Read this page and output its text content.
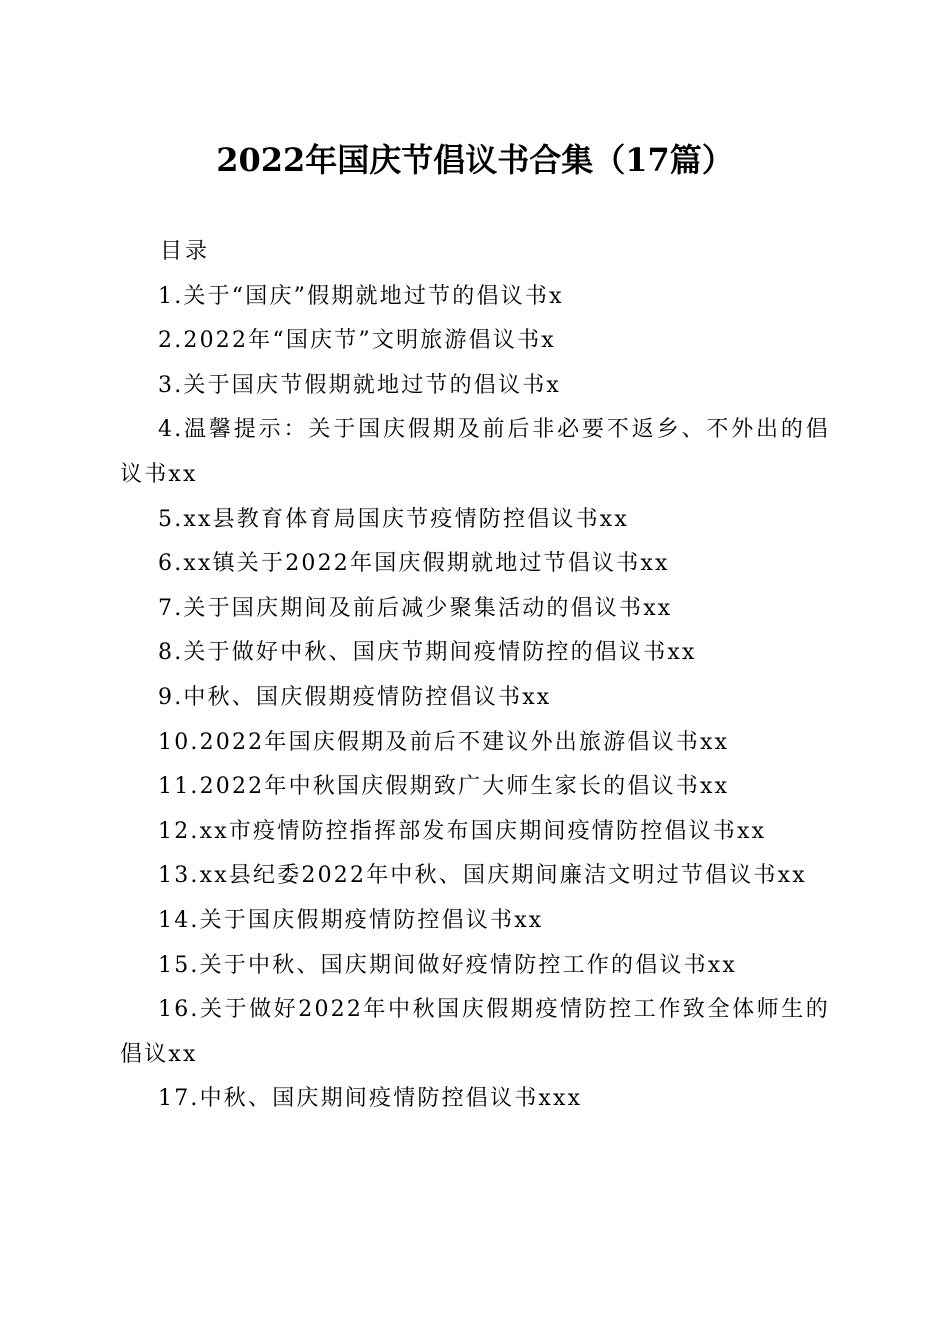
2022年国庆节倡议书合集（17篇）
目录
1.关于“国庆”假期就地过节的倡议书x
2.2022年“国庆节”文明旅游倡议书x
3.关于国庆节假期就地过节的倡议书x
4.温馨提示：关于国庆假期及前后非必要不返乡、不外出的倡议书xx
5.xx县教育体育局国庆节疫情防控倡议书xx
6.xx镇关于2022年国庆假期就地过节倡议书xx
7.关于国庆期间及前后减少聚集活动的倡议书xx
8.关于做好中秋、国庆节期间疫情防控的倡议书xx
9.中秋、国庆假期疫情防控倡议书xx
10.2022年国庆假期及前后不建议外出旅游倡议书xx
11.2022年中秋国庆假期致广大师生家长的倡议书xx
12.xx市疫情防控指挥部发布国庆期间疫情防控倡议书xx
13.xx县纪委2022年中秋、国庆期间廉洁文明过节倡议书xx
14.关于国庆假期疫情防控倡议书xx
15.关于中秋、国庆期间做好疫情防控工作的倡议书xx
16.关于做好2022年中秋国庆假期疫情防控工作致全体师生的倡议xx
17.中秋、国庆期间疫情防控倡议书xxx
